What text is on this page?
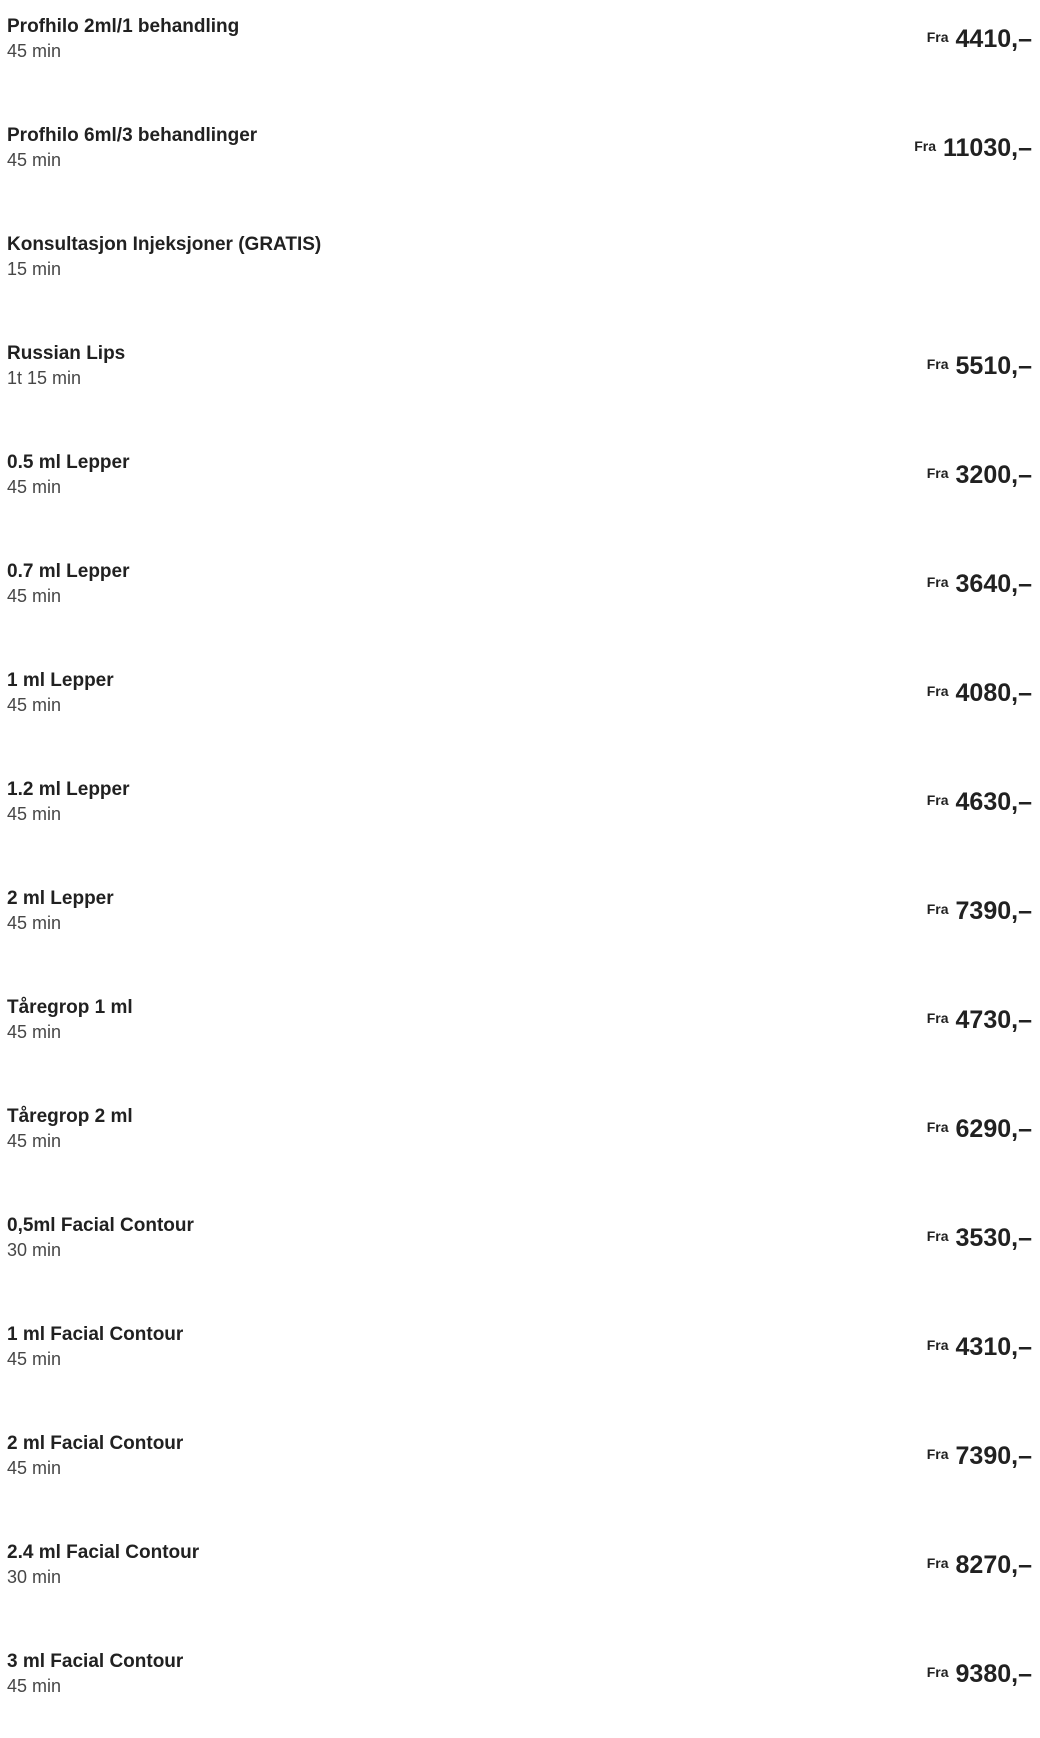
Profhilo 2ml/1 behandling
45 min
Fra 4410,–
Profhilo 6ml/3 behandlinger
45 min
Fra 11030,–
Konsultasjon Injeksjoner (GRATIS)
15 min
Russian Lips
1t 15 min
Fra 5510,–
0.5 ml Lepper
45 min
Fra 3200,–
0.7 ml Lepper
45 min
Fra 3640,–
1 ml Lepper
45 min
Fra 4080,–
1.2 ml Lepper
45 min
Fra 4630,–
2 ml Lepper
45 min
Fra 7390,–
Tåregrop 1 ml
45 min
Fra 4730,–
Tåregrop 2 ml
45 min
Fra 6290,–
0,5ml Facial Contour
30 min
Fra 3530,–
1 ml Facial Contour
45 min
Fra 4310,–
2 ml Facial Contour
45 min
Fra 7390,–
2.4 ml Facial Contour
30 min
Fra 8270,–
3 ml Facial Contour
45 min
Fra 9380,–
